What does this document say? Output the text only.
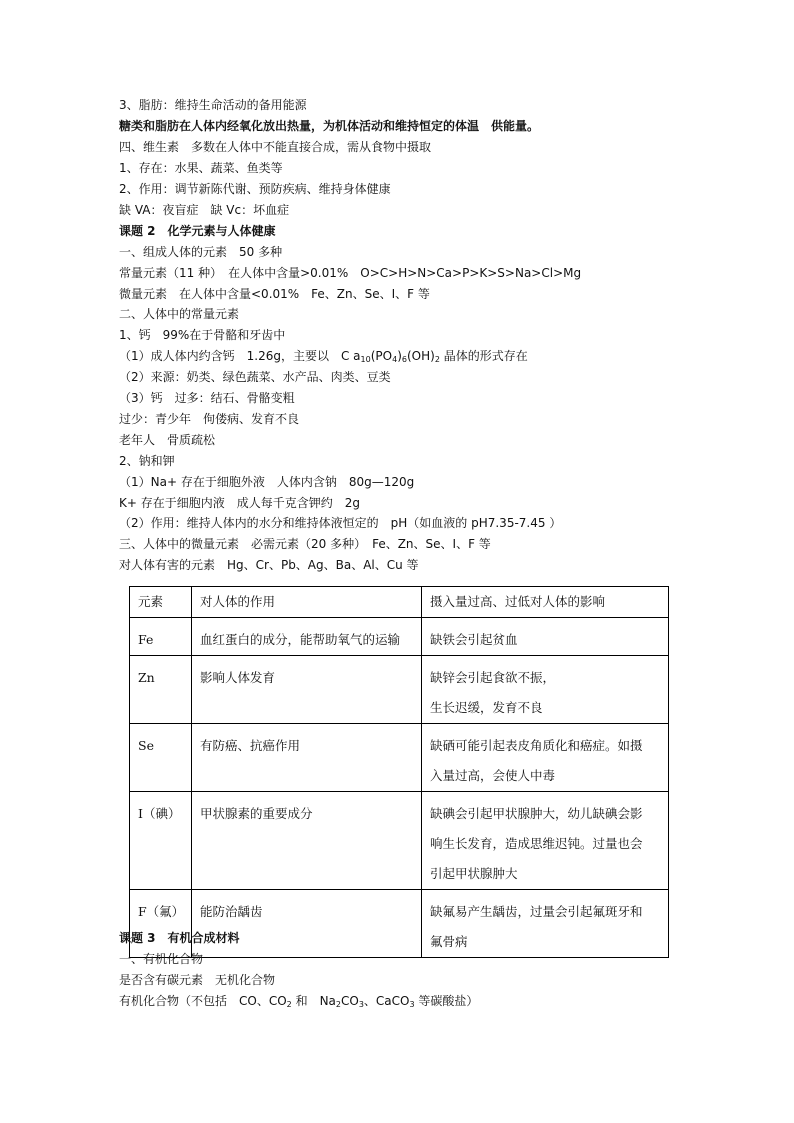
3、脂肪：维持生命活动的备用能源
糖类和脂肪在人体内经氧化放出热量，为机体活动和维持恒定的体温　供能量。
四、维生素　多数在人体中不能直接合成，需从食物中摄取
1、存在：水果、蔬菜、鱼类等
2、作用：调节新陈代谢、预防疾病、维持身体健康
缺 VA：夜盲症　缺 Vc：坏血症
课题 2　化学元素与人体健康
一、组成人体的元素　50 多种
常量元素（11 种）　在人体中含量>0.01%　O>C>H>N>Ca>P>K>S>Na>Cl>Mg
微量元素　在人体中含量<0.01%　Fe、Zn、Se、I、F 等
二、人体中的常量元素
1、钙　99%在于骨骼和牙齿中
（1）成人体内约含钙　1.26g，主要以　C $a_{10}(PO_4)_6(OH)_2$ 晶体的形式存在
（2）来源：奶类、绿色蔬菜、水产品、肉类、豆类
（3）钙　过多：结石、骨骼变粗
过少：青少年　佝偻病、发育不良
老年人　骨质疏松
2、钠和钾
（1）Na+ 存在于细胞外液　人体内含钠　80g—120g
K+ 存在于细胞内液　成人每千克含钾约　2g
（2）作用：维持人体内的水分和维持体液恒定的　pH（如血液的 pH7.35-7.45 ）
三、人体中的微量元素　必需元素（20 多种）　Fe、Zn、Se、I、F 等
对人体有害的元素　Hg、Cr、Pb、Ag、Ba、Al、Cu 等
元素	对人体的作用	摄入量过高、过低对人体的影响
Fe	血红蛋白的成分，能帮助氧气的运输	缺铁会引起贫血

Zn	影响人体发育	缺锌会引起食欲不振，
生长迟缓，发育不良

Se	有防癌、抗癌作用	缺硒可能引起表皮角质化和癌症。如摄
入量过高，会使人中毒

I（碘）	甲状腺素的重要成分	缺碘会引起甲状腺肿大，幼儿缺碘会影
响生长发育，造成思维迟钝。过量也会
引起甲状腺肿大

F（氟）	能防治龋齿	缺氟易产生龋齿，过量会引起氟斑牙和
氟骨病
课题 3　有机合成材料
一、有机化合物
是否含有碳元素　无机化合物
有机化合物（不包括　CO、$CO_2$ 和　$Na_2CO_3$、CaCO$_3$ 等碳酸盐）
